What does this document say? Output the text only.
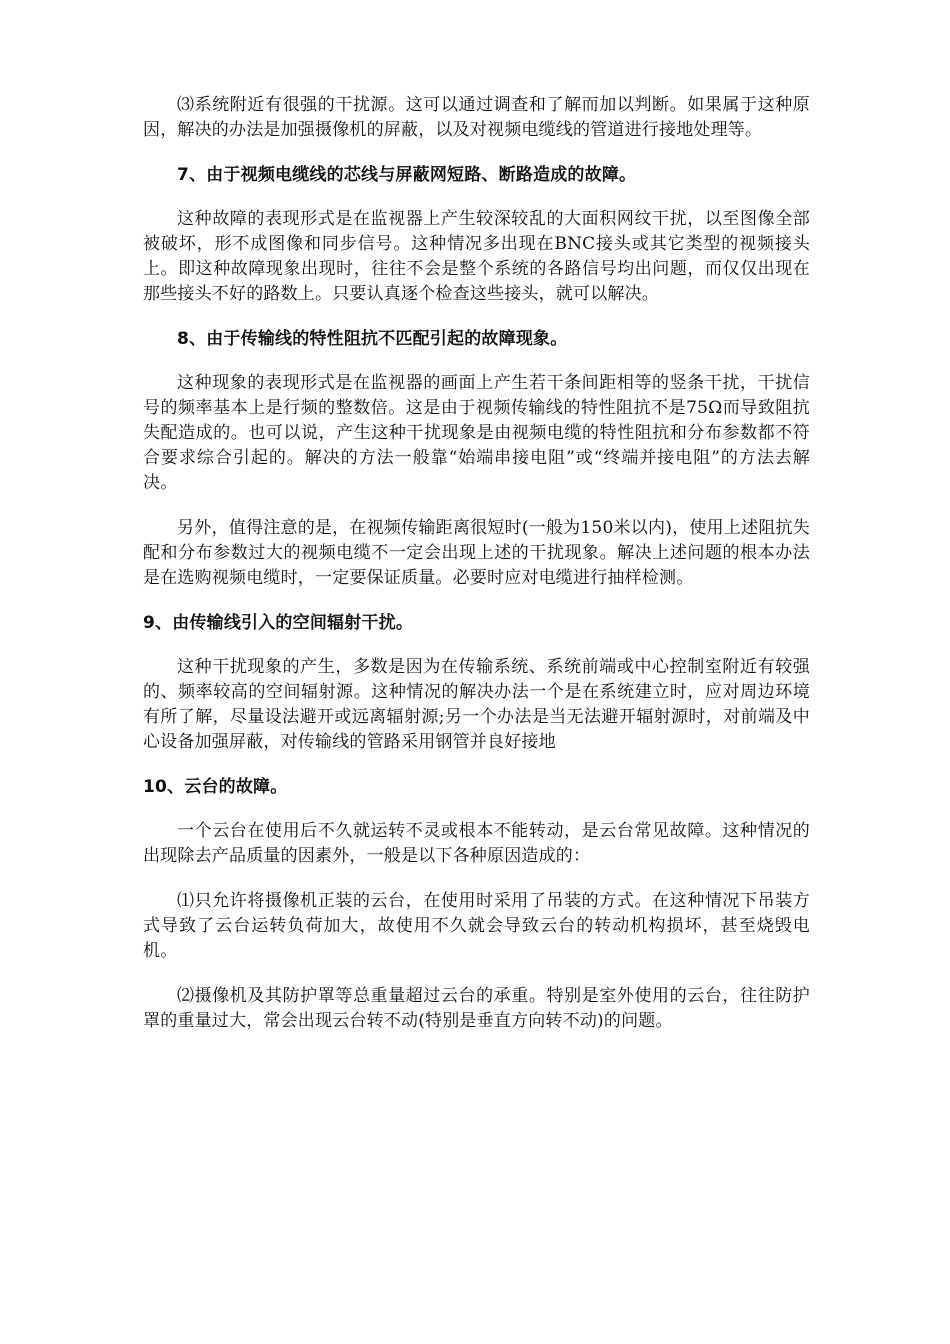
⑶系统附近有很强的干扰源。这可以通过调查和了解而加以判断。如果属于这种原因，解决的办法是加强摄像机的屏蔽，以及对视频电缆线的管道进行接地处理等。

7、由于视频电缆线的芯线与屏蔽网短路、断路造成的故障。

这种故障的表现形式是在监视器上产生较深较乱的大面积网纹干扰，以至图像全部被破坏，形不成图像和同步信号。这种情况多出现在BNC接头或其它类型的视频接头上。即这种故障现象出现时，往往不会是整个系统的各路信号均出问题，而仅仅出现在那些接头不好的路数上。只要认真逐个检查这些接头，就可以解决。

8、由于传输线的特性阻抗不匹配引起的故障现象。

这种现象的表现形式是在监视器的画面上产生若干条间距相等的竖条干扰，干扰信号的频率基本上是行频的整数倍。这是由于视频传输线的特性阻抗不是75Ω而导致阻抗失配造成的。也可以说，产生这种干扰现象是由视频电缆的特性阻抗和分布参数都不符合要求综合引起的。解决的方法一般靠“始端串接电阻”或“终端并接电阻”的方法去解决。

另外，值得注意的是，在视频传输距离很短时(一般为150米以内)，使用上述阻抗失配和分布参数过大的视频电缆不一定会出现上述的干扰现象。解决上述问题的根本办法是在选购视频电缆时，一定要保证质量。必要时应对电缆进行抽样检测。

9、由传输线引入的空间辐射干扰。

这种干扰现象的产生，多数是因为在传输系统、系统前端或中心控制室附近有较强的、频率较高的空间辐射源。这种情况的解决办法一个是在系统建立时，应对周边环境有所了解，尽量设法避开或远离辐射源;另一个办法是当无法避开辐射源时，对前端及中心设备加强屏蔽，对传输线的管路采用钢管并良好接地

10、云台的故障。

一个云台在使用后不久就运转不灵或根本不能转动，是云台常见故障。这种情况的出现除去产品质量的因素外，一般是以下各种原因造成的：

⑴只允许将摄像机正装的云台，在使用时采用了吊装的方式。在这种情况下吊装方式导致了云台运转负荷加大，故使用不久就会导致云台的转动机构损坏，甚至烧毁电机。

⑵摄像机及其防护罩等总重量超过云台的承重。特别是室外使用的云台，往往防护罩的重量过大，常会出现云台转不动(特别是垂直方向转不动)的问题。
